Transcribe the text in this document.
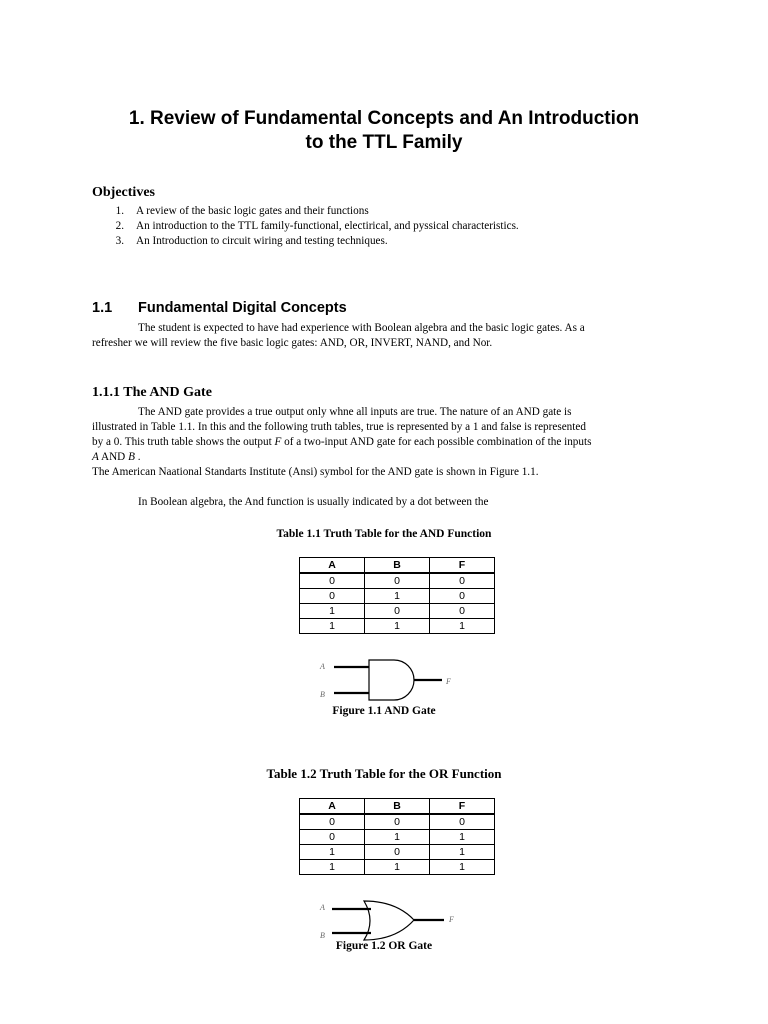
1. Review of Fundamental Concepts and An Introduction
to the TTL Family
Objectives
1. A review of the basic logic gates and their functions
2. An introduction to the TTL family-functional, electirical, and pyssical characteristics.
3. An Introduction to circuit wiring and testing techniques.
1.1 Fundamental Digital Concepts
The student is expected to have had experience with Boolean algebra and the basic logic gates. As a
refresher we will review the five basic logic gates: AND, OR, INVERT, NAND, and Nor.
1.1.1 The AND Gate
The AND gate provides a true output only whne all inputs are true. The nature of an AND gate is
illustrated in Table 1.1. In this and the following truth tables, true is represented by a 1 and false is represented
by a 0. This truth table shows the output F of a two-input AND gate for each possible combination of the inputs
A AND B .
The American Naational Standarts Institute (Ansi) symbol for the AND gate is shown in Figure 1.1.
In Boolean algebra, the And function is usually indicated by a dot between the
Table 1.1 Truth Table for the AND Function
A	B	F
0	0	0
0	1	0
1	0	0
1	1	1
A
B
F
Figure 1.1 AND Gate
Table 1.2 Truth Table for the OR Function
A	B	F
0	0	0
0	1	1
1	0	1
1	1	1
A
B
F
Figure 1.2 OR Gate
